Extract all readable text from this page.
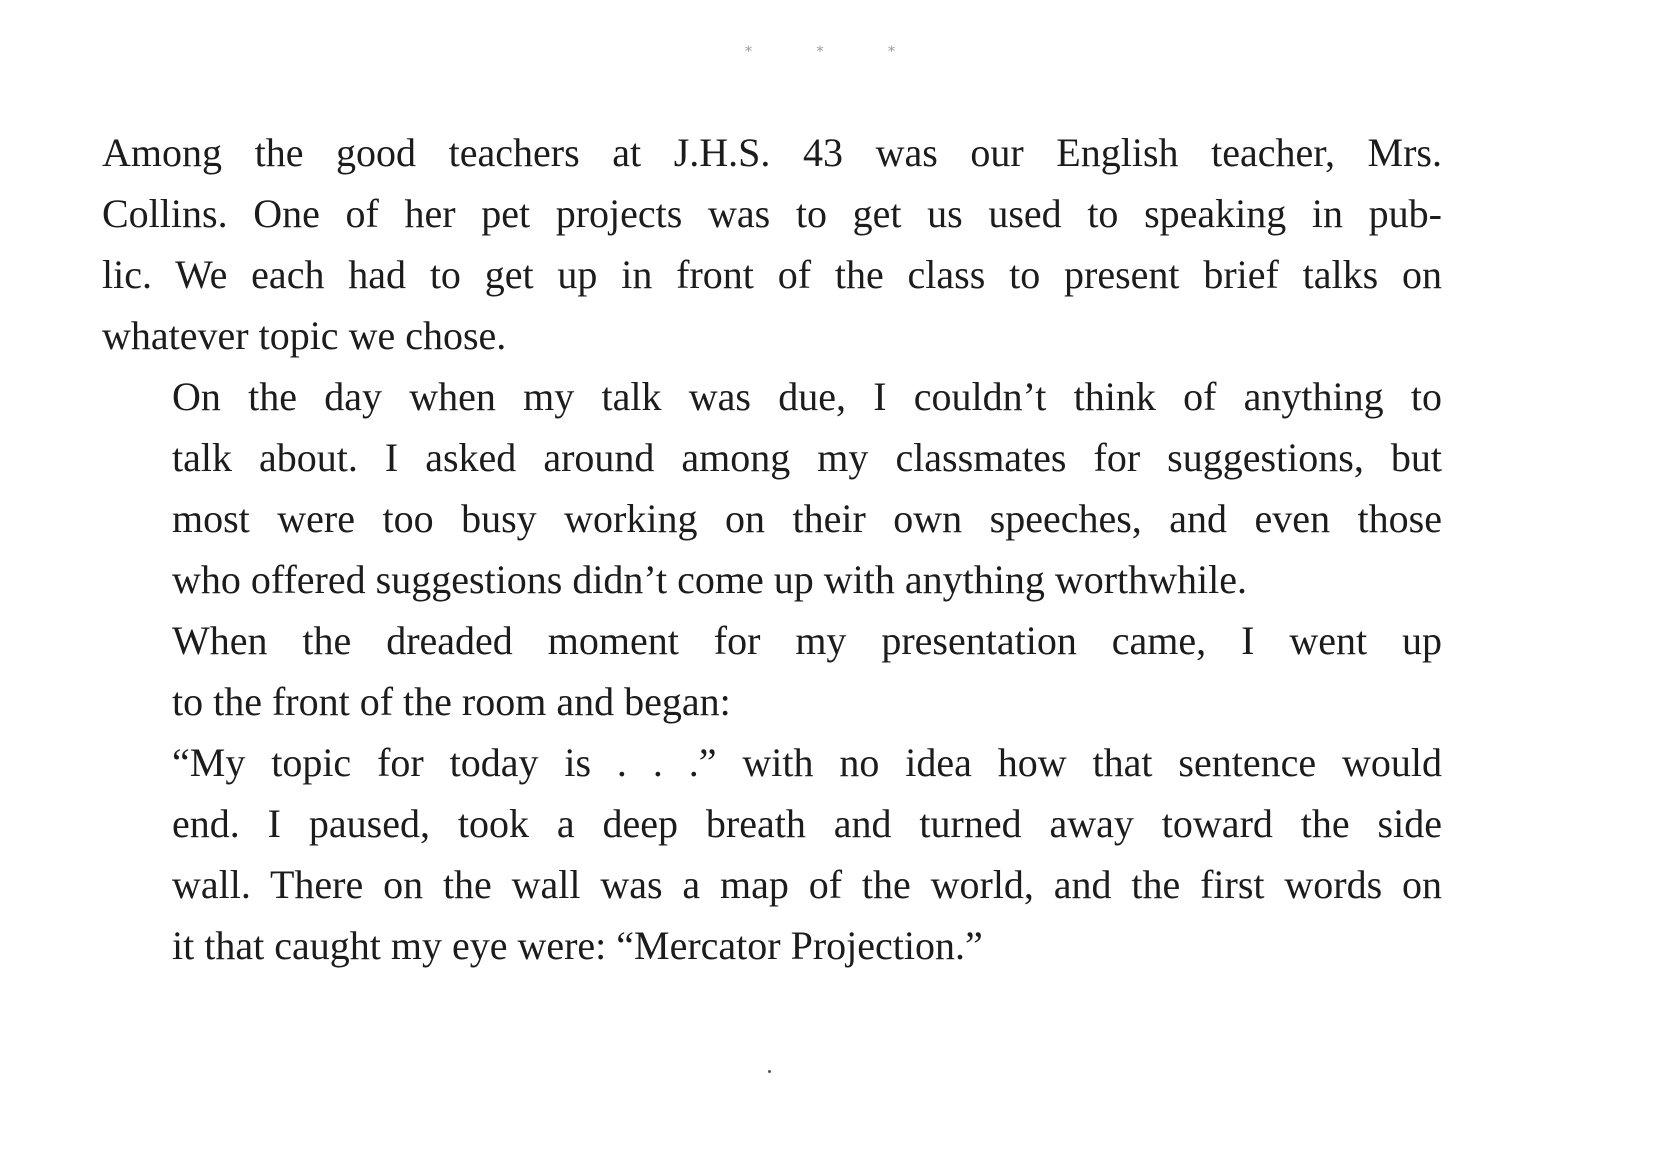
* * *

Among the good teachers at J.H.S. 43 was our English teacher, Mrs.
Collins. One of her pet projects was to get us used to speaking in pub-
lic. We each had to get up in front of the class to present brief talks on
whatever topic we chose.

On the day when my talk was due, I couldn’t think of anything to
talk about. I asked around among my classmates for suggestions, but
most were too busy working on their own speeches, and even those
who offered suggestions didn’t come up with anything worthwhile.

When the dreaded moment for my presentation came, I went up
to the front of the room and began:

“My topic for today is . . .” with no idea how that sentence would
end. I paused, took a deep breath and turned away toward the side
wall. There on the wall was a map of the world, and the first words on
it that caught my eye were: “Mercator Projection.”
